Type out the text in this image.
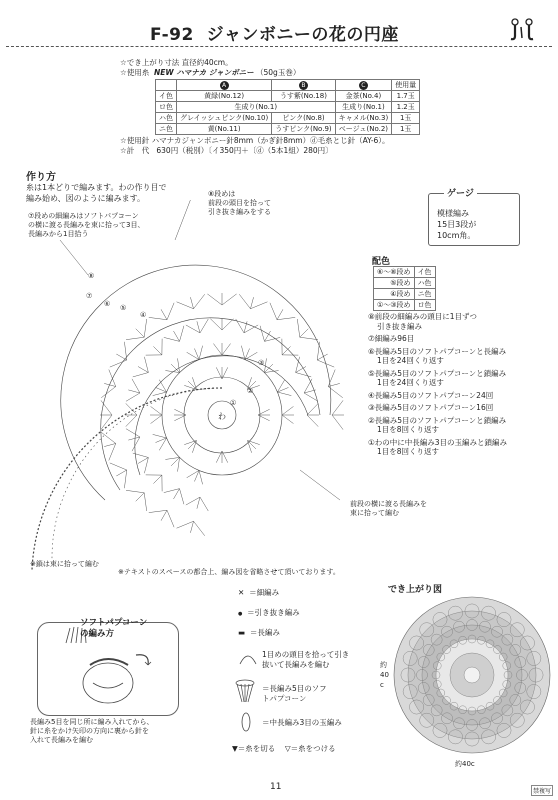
F-92 ジャンボニーの花の円座
☆でき上がり寸法 直径約40cm。
☆使用糸 NEW ハマナカ ジャンボニー （50g玉巻）
	A	B	C	使用量
イ色	黄緑(No.12)	うす紫(No.18)	金茶(No.4)	1.7玉
ロ色	生成り(No.1)		生成り(No.1)	1.2玉
ハ色	グレイッシュピンク(No.10)	ピンク(No.8)	キャメル(No.3)	1玉
ニ色	黄(No.11)	うすピンク(No.9)	ベージュ(No.2)	1玉
☆使用針 ハマナカジャンボニー針8mm（かぎ針8mm）ⓓ毛糸とじ針（AY-6）。
☆計　代 630円（税別）〔イ350円＋〔ⓓ（5本1組）280円〕
作り方
糸は1本どりで編みます。わの作り目で
編み始め、図のように編みます。
模様編み
15目3段が
10cm角。
ゲージ
配色
⑥～⑧段め	イ色
⑤段め	ハ色
④段め	ニ色
①～③段め	ロ色
わ
①
②
③
④
⑤
⑥
⑦
⑧
⑧段めは
前段の頭目を拾って
引き抜き編みをする
⑦段めの細編みはソフトパプコーン
の横に渡る長編みを束に拾って3目、
長編みから1目拾う
前段の横に渡る長編みを
束に拾って編む
※鎖は束に拾って編む
⑧前段の細編みの頭目に1目ずつ
引き抜き編み
⑦細編み96目
⑥長編み5目のソフトパプコーンと長編み
1目を24回くり返す
⑤長編み5目のソフトパプコーンと鎖編み
1目を24回くり返す
④長編み5目のソフトパプコーン24回
③長編み5目のソフトパプコーン16回
②長編み5目のソフトパプコーンと鎖編み
1目を8回くり返す
①わの中に中長編み3目の玉編みと鎖編み
1目を8回くり返す
※テキストのスペースの都合上、編み図を省略させて頂いております。
ソフトパプコーン
の編み方
長編み5目を同じ所に編み入れてから、
針に糸をかけ矢印の方向に裏から針を
入れて長編みを編む
✕ ＝細編み
● ＝引き抜き編み
▬ ＝長編み
1目めの頭目を拾って引き抜いて長編みを編む
＝長編み5目のソフトパプコーン
＝中長編み3目の玉編み
▼＝糸を切る ▽＝糸をつける
でき上がり図
約40c
約40c
11	禁複写
